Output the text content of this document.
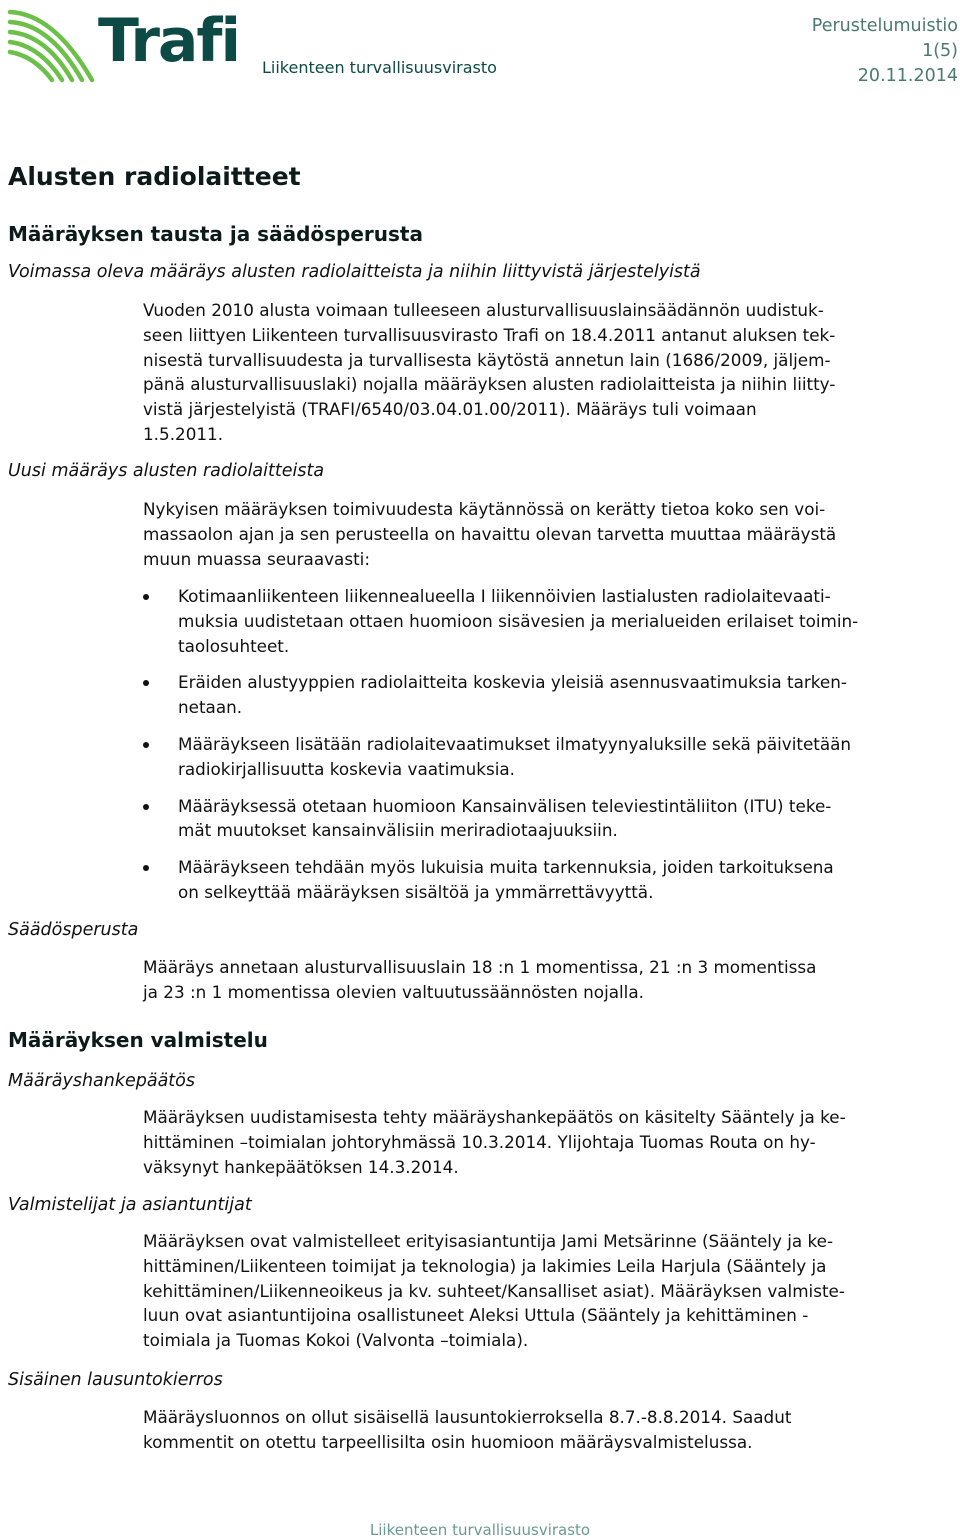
Trafi Liikenteen turvallisuusvirasto
Perustelumuistio
1(5)
20.11.2014
Alusten radiolaitteet
Määräyksen tausta ja säädösperusta
Voimassa oleva määräys alusten radiolaitteista ja niihin liittyvistä järjestelyistä

Vuoden 2010 alusta voimaan tulleeseen alusturvallisuuslainsäädännön uudistuk-
seen liittyen Liikenteen turvallisuusvirasto Trafi on 18.4.2011 antanut aluksen tek-
nisestä turvallisuudesta ja turvallisesta käytöstä annetun lain (1686/2009, jäljem-
pänä alusturvallisuuslaki) nojalla määräyksen alusten radiolaitteista ja niihin liitty-
vistä järjestelyistä (TRAFI/6540/03.04.01.00/2011). Määräys tuli voimaan
1.5.2011.

Uusi määräys alusten radiolaitteista

Nykyisen määräyksen toimivuudesta käytännössä on kerätty tietoa koko sen voi-
massaolon ajan ja sen perusteella on havaittu olevan tarvetta muuttaa määräystä
muun muassa seuraavasti:

Kotimaanliikenteen liikennealueella I liikennöivien lastialusten radiolaitevaati-
muksia uudistetaan ottaen huomioon sisävesien ja merialueiden erilaiset toimin-
taolosuhteet.
Eräiden alustyyppien radiolaitteita koskevia yleisiä asennusvaatimuksia tarken-
netaan.
Määräykseen lisätään radiolaitevaatimukset ilmatyynyaluksille sekä päivitetään
radiokirjallisuutta koskevia vaatimuksia.
Määräyksessä otetaan huomioon Kansainvälisen televiestintäliiton (ITU) teke-
mät muutokset kansainvälisiin meriradiotaajuuksiin.
Määräykseen tehdään myös lukuisia muita tarkennuksia, joiden tarkoituksena
on selkeyttää määräyksen sisältöä ja ymmärrettävyyttä.
Säädösperusta

Määräys annetaan alusturvallisuuslain 18 :n 1 momentissa, 21 :n 3 momentissa
ja 23 :n 1 momentissa olevien valtuutussäännösten nojalla.

Määräyksen valmistelu
Määräyshankepäätös

Määräyksen uudistamisesta tehty määräyshankepäätös on käsitelty Sääntely ja ke-
hittäminen –toimialan johtoryhmässä 10.3.2014. Ylijohtaja Tuomas Routa on hy-
väksynyt hankepäätöksen 14.3.2014.

Valmistelijat ja asiantuntijat

Määräyksen ovat valmistelleet erityisasiantuntija Jami Metsärinne (Sääntely ja ke-
hittäminen/Liikenteen toimijat ja teknologia) ja lakimies Leila Harjula (Sääntely ja
kehittäminen/Liikenneoikeus ja kv. suhteet/Kansalliset asiat). Määräyksen valmiste-
luun ovat asiantuntijoina osallistuneet Aleksi Uttula (Sääntely ja kehittäminen -
toimiala ja Tuomas Kokoi (Valvonta –toimiala).

Sisäinen lausuntokierros

Määräysluonnos on ollut sisäisellä lausuntokierroksella 8.7.-8.8.2014. Saadut
kommentit on otettu tarpeellisilta osin huomioon määräysvalmistelussa.

Liikenteen turvallisuusvirasto
